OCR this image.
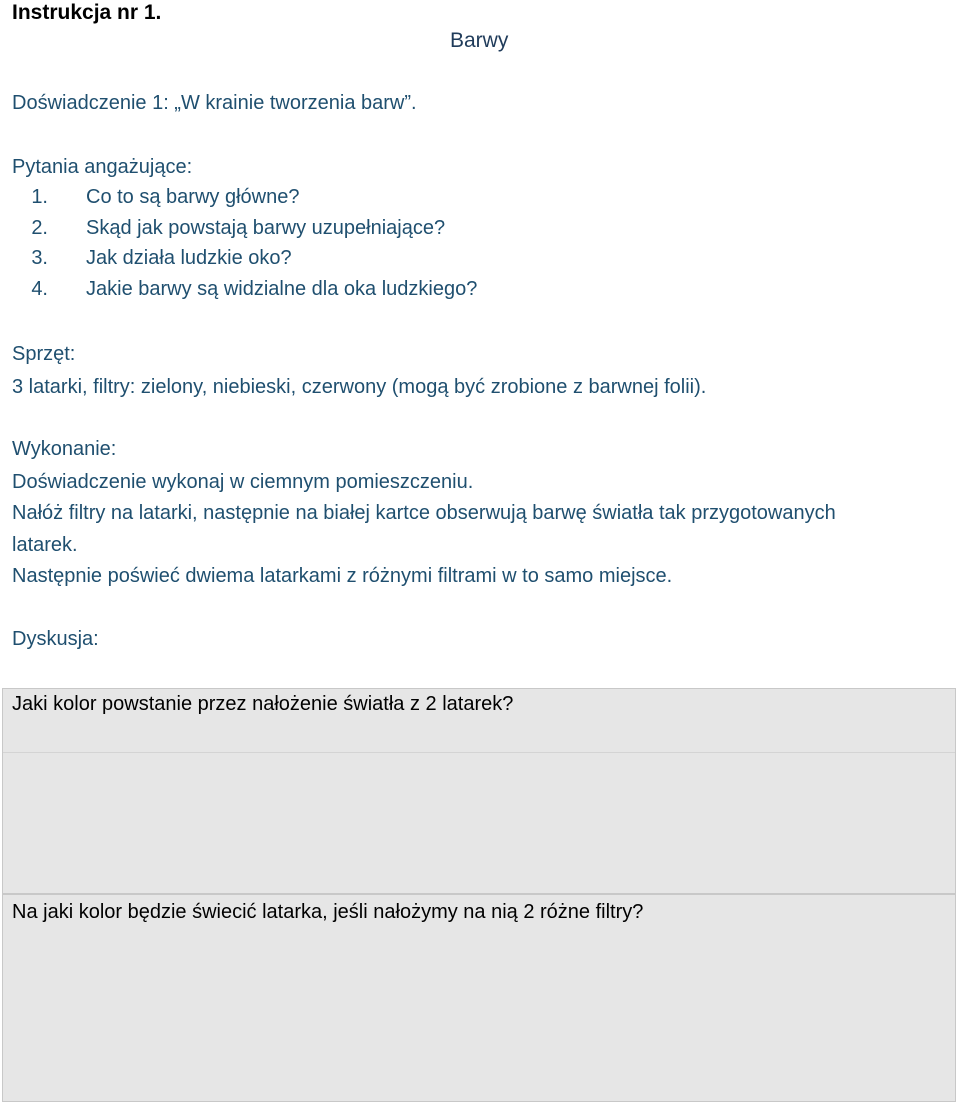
Instrukcja nr 1.
Barwy
Doświadczenie 1: „W krainie tworzenia barw”.
Pytania angażujące:
1. Co to są barwy główne?
2. Skąd jak powstają barwy uzupełniające?
3. Jak działa ludzkie oko?
4. Jakie barwy są widzialne dla oka ludzkiego?
Sprzęt:
3 latarki, filtry: zielony, niebieski, czerwony (mogą być zrobione z barwnej folii).
Wykonanie:
Doświadczenie wykonaj w ciemnym pomieszczeniu.
Nałóż filtry na latarki, następnie na białej kartce obserwują barwę światła tak przygotowanych
latarek.
Następnie poświeć dwiema latarkami z różnymi filtrami w to samo miejsce.
Dyskusja:
Jaki kolor powstanie przez nałożenie światła z 2 latarek?
Na jaki kolor będzie świecić latarka, jeśli nałożymy na nią 2 różne filtry?
